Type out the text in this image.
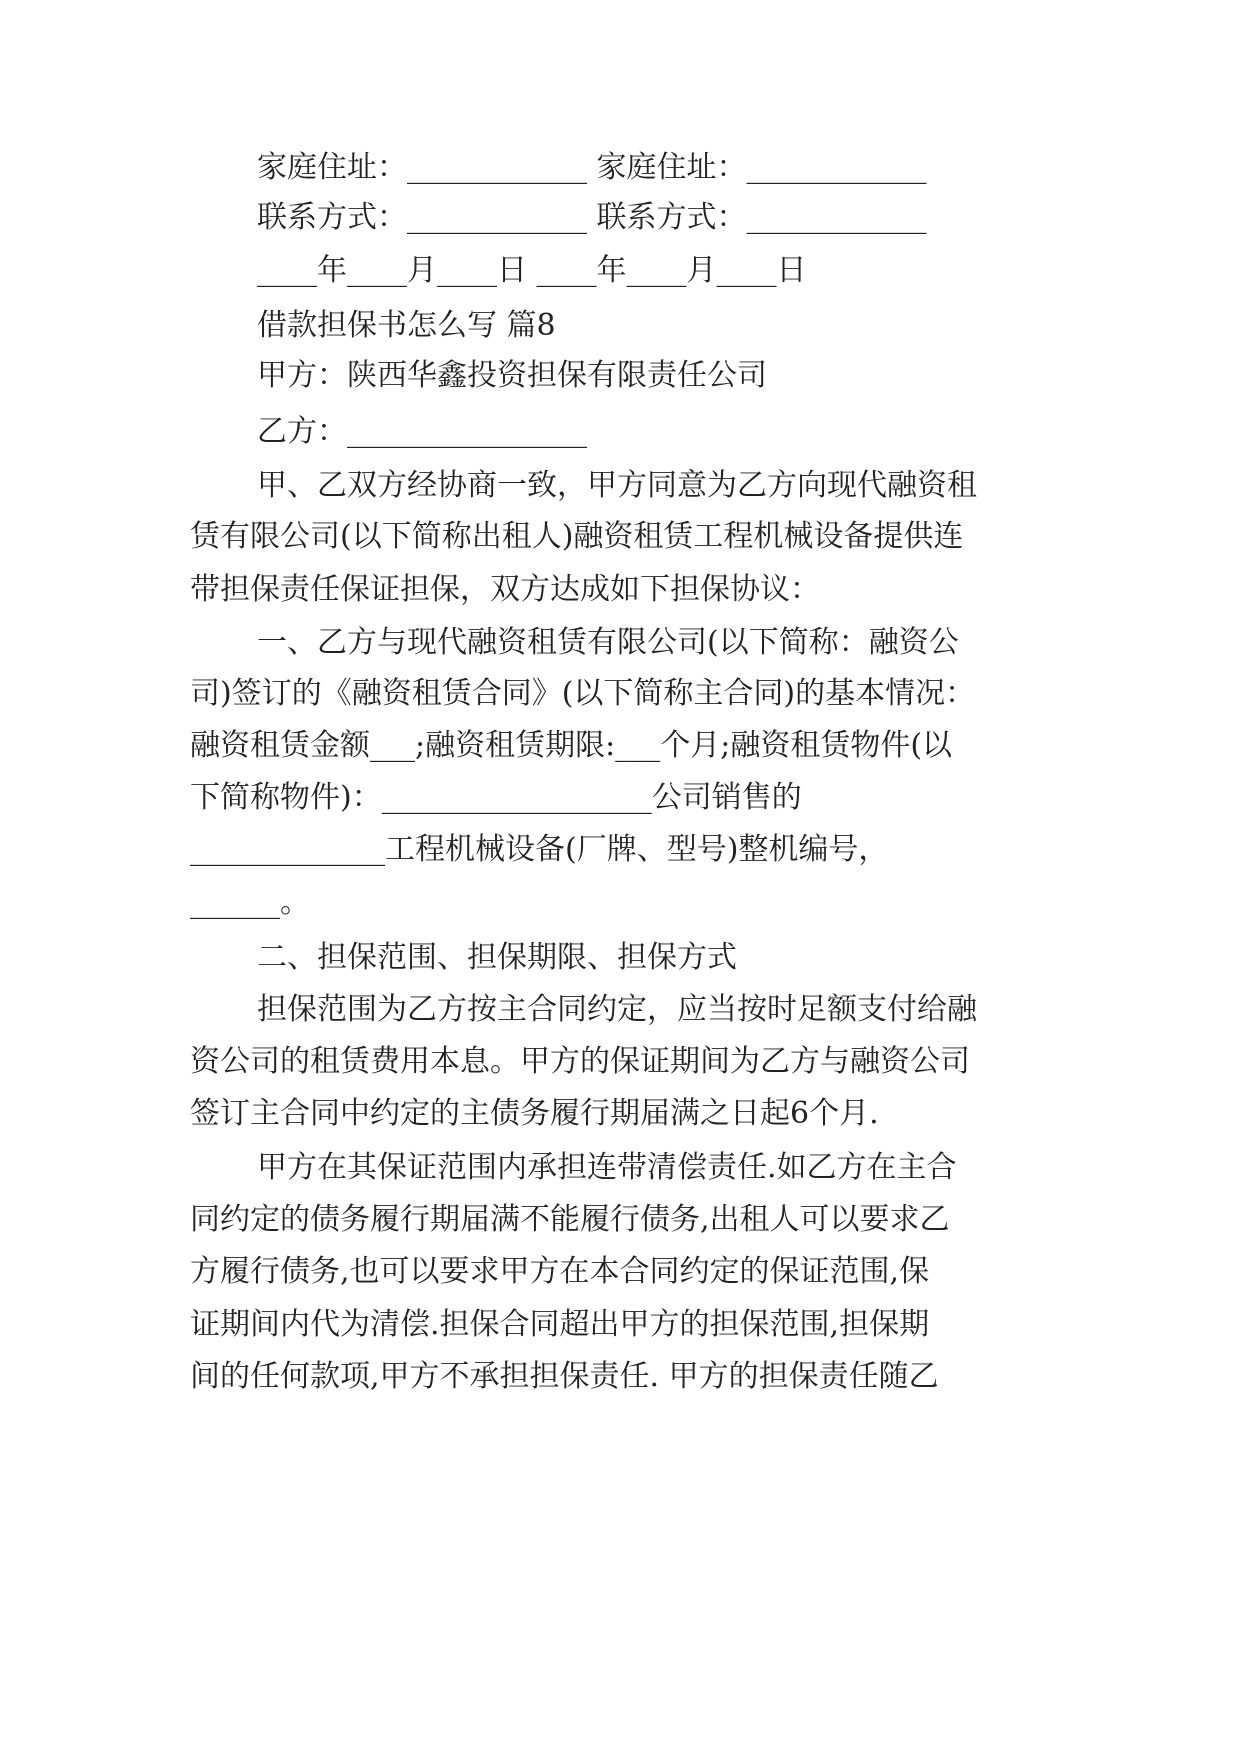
家庭住址：____________ 家庭住址：____________
联系方式：____________ 联系方式：____________
____年____月____日 ____年____月____日
借款担保书怎么写 篇8
甲方：陕西华鑫投资担保有限责任公司
乙方：________________
甲、乙双方经协商一致，甲方同意为乙方向现代融资租
赁有限公司(以下简称出租人)融资租赁工程机械设备提供连
带担保责任保证担保，双方达成如下担保协议：
一、乙方与现代融资租赁有限公司(以下简称：融资公
司)签订的《融资租赁合同》(以下简称主合同)的基本情况：
融资租赁金额___;融资租赁期限:___个月;融资租赁物件(以
下简称物件)：__________________公司销售的
_____________工程机械设备(厂牌、型号)整机编号，
______。
二、担保范围、担保期限、担保方式
担保范围为乙方按主合同约定，应当按时足额支付给融
资公司的租赁费用本息。甲方的保证期间为乙方与融资公司
签订主合同中约定的主债务履行期届满之日起6个月.
甲方在其保证范围内承担连带清偿责任.如乙方在主合
同约定的债务履行期届满不能履行债务,出租人可以要求乙
方履行债务,也可以要求甲方在本合同约定的保证范围,保
证期间内代为清偿.担保合同超出甲方的担保范围,担保期
间的任何款项,甲方不承担担保责任. 甲方的担保责任随乙
